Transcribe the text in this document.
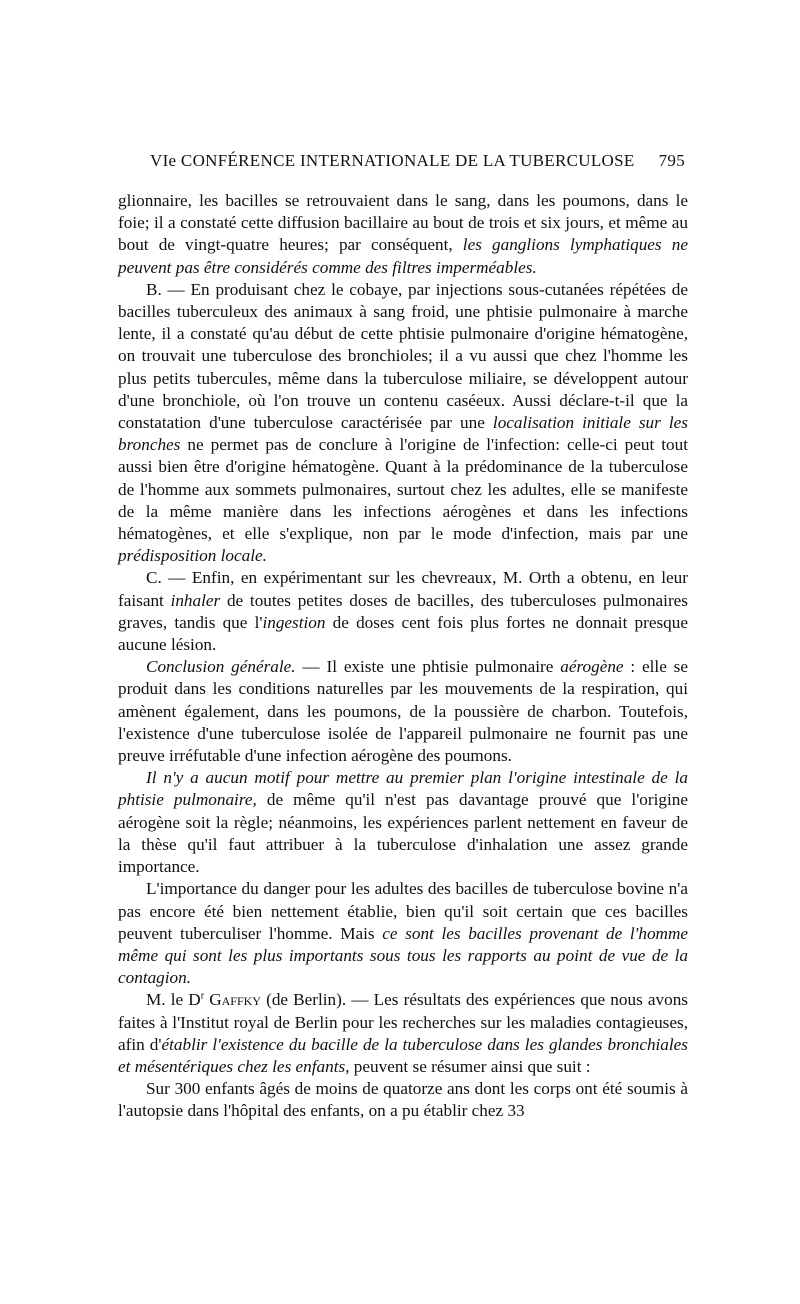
VIe CONFÉRENCE INTERNATIONALE DE LA TUBERCULOSE 795

glionnaire, les bacilles se retrouvaient dans le sang, dans les poumons, dans le foie; il a constaté cette diffusion bacillaire au bout de trois et six jours, et même au bout de vingt-quatre heures; par conséquent, les ganglions lymphatiques ne peuvent pas être considérés comme des filtres imperméables.

B. — En produisant chez le cobaye, par injections sous-cutanées répétées de bacilles tuberculeux des animaux à sang froid, une phtisie pulmonaire à marche lente, il a constaté qu'au début de cette phtisie pulmonaire d'origine hématogène, on trouvait une tuberculose des bronchioles; il a vu aussi que chez l'homme les plus petits tubercules, même dans la tuberculose miliaire, se développent autour d'une bronchiole, où l'on trouve un contenu caséeux. Aussi déclare-t-il que la constatation d'une tuberculose caractérisée par une localisation initiale sur les bronches ne permet pas de conclure à l'origine de l'infection: celle-ci peut tout aussi bien être d'origine hématogène. Quant à la prédominance de la tuberculose de l'homme aux sommets pulmonaires, surtout chez les adultes, elle se manifeste de la même manière dans les infections aérogènes et dans les infections hématogènes, et elle s'explique, non par le mode d'infection, mais par une prédisposition locale.

C. — Enfin, en expérimentant sur les chevreaux, M. Orth a obtenu, en leur faisant inhaler de toutes petites doses de bacilles, des tuberculoses pulmonaires graves, tandis que l'ingestion de doses cent fois plus fortes ne donnait presque aucune lésion.

Conclusion générale. — Il existe une phtisie pulmonaire aérogène : elle se produit dans les conditions naturelles par les mouvements de la respiration, qui amènent également, dans les poumons, de la poussière de charbon. Toutefois, l'existence d'une tuberculose isolée de l'appareil pulmonaire ne fournit pas une preuve irréfutable d'une infection aérogène des poumons.

Il n'y a aucun motif pour mettre au premier plan l'origine intestinale de la phtisie pulmonaire, de même qu'il n'est pas davantage prouvé que l'origine aérogène soit la règle; néanmoins, les expériences parlent nettement en faveur de la thèse qu'il faut attribuer à la tuberculose d'inhalation une assez grande importance.

L'importance du danger pour les adultes des bacilles de tuberculose bovine n'a pas encore été bien nettement établie, bien qu'il soit certain que ces bacilles peuvent tuberculiser l'homme. Mais ce sont les bacilles provenant de l'homme même qui sont les plus importants sous tous les rapports au point de vue de la contagion.

M. le $D^r$ Gaffky (de Berlin). — Les résultats des expériences que nous avons faites à l'Institut royal de Berlin pour les recherches sur les maladies contagieuses, afin d'établir l'existence du bacille de la tuberculose dans les glandes bronchiales et mésentériques chez les enfants, peuvent se résumer ainsi que suit :

Sur 300 enfants âgés de moins de quatorze ans dont les corps ont été soumis à l'autopsie dans l'hôpital des enfants, on a pu établir chez 33
